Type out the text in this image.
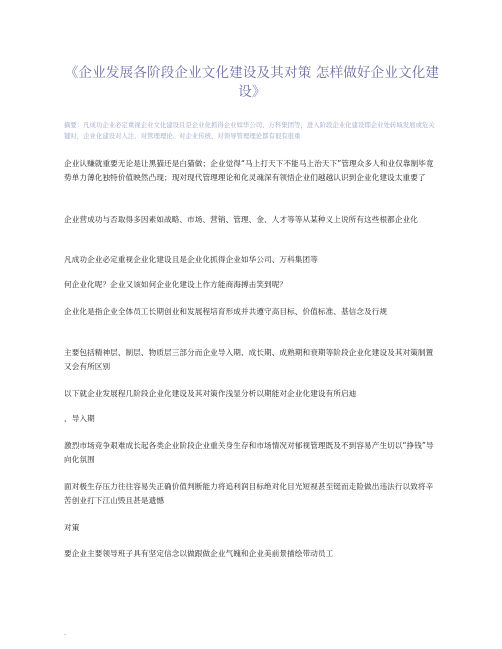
《企业发展各阶段企业文化建设及其对策 怎样做好企业文化建设》
摘要：凡成功企业必定重视企业文化建设且是企业化抓得企业如华公司、万科集团等，进入阶段企业化建设即企业处转域发展或危关键时，企业化建设对人注、对管理理论、对企业传统、对领导管理理论都有很有很重
企业认赚就重要无论是让黑猫还是白猫做；企业觉得“马上打天下不能马上治天下”管理众多人和业仅靠制毕竟势单力薄化独特价值映然凸现；现对现代管理理论和化灵魂深有领悟企业们越越认识到企业化建设太重要了
企业营成功与否取得多因素如战略、市场、营销、管理、金、人才等等从某种义上说所有这些根都企业化
凡成功企业必定重视企业化建设且是企业化抓得企业如华公司、万科集团等
何企业化呢？企业又该如何企业化建设上作方能商海搏击笑到呢？
企业化是指企业全体员工长期创业和发展程培育形成并共遵守高目标、价值标准、基信念及行规
主要包括精神层、制层、物质层三部分而企业导入期、成长期、成熟期和衰期等阶段企业化建设及其对策制置又会有所区别
以下就企业发展程几阶段企业化建设及其对策作浅显分析以期能对企业化建设有所启迪
、导入期
激烈市场竞争艰难成长起各类企业阶段企业重关身生存和市场情况对郁视管理既及不到容易产生切以“挣钱”导向化氛围
面对极生存压力往往容易失正确价值判断能力将追利润目标绝对化目光短视甚至铤而走险做出违法行以致将辛苦创业打下江山毁且甚是遗憾
对策
要企业主要领导班子具有坚定信念以做跟做企业气魄和企业美前景描绘带动员工
.
